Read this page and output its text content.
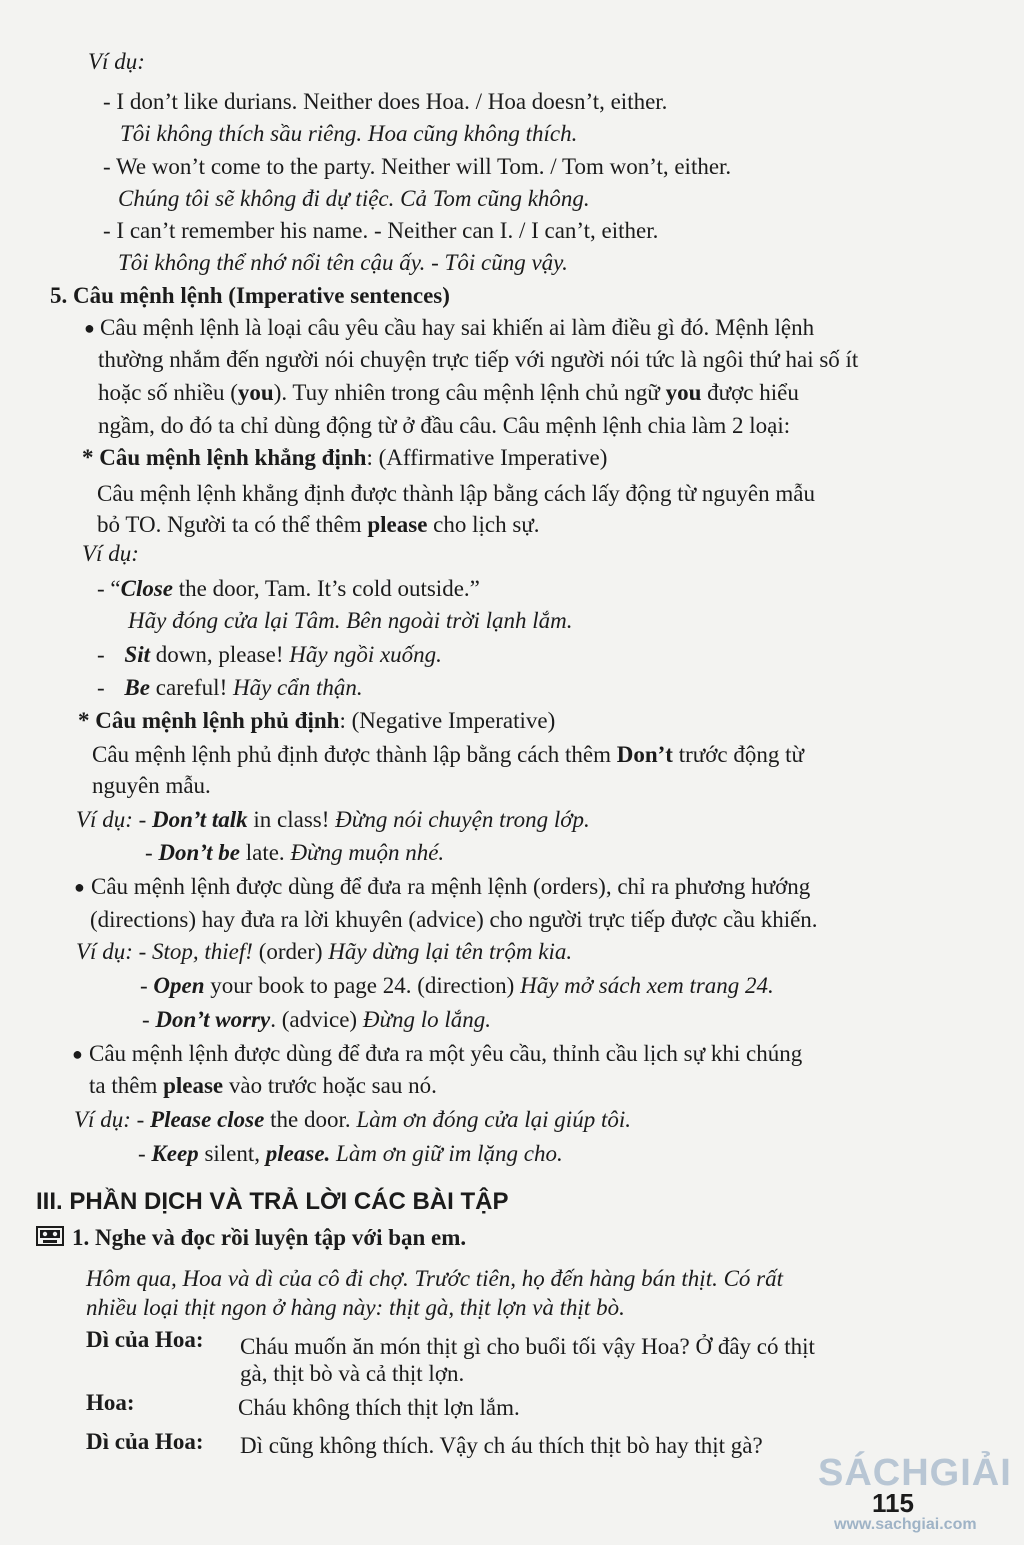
Ví dụ:
- I don’t like durians. Neither does Hoa. / Hoa doesn’t, either.
Tôi không thích sầu riêng. Hoa cũng không thích.
- We won’t come to the party. Neither will Tom. / Tom won’t, either.
Chúng tôi sẽ không đi dự tiệc. Cả Tom cũng không.
- I can’t remember his name. - Neither can I. / I can’t, either.
Tôi không thể nhớ nổi tên cậu ấy. - Tôi cũng vậy.
5. Câu mệnh lệnh (Imperative sentences)
● Câu mệnh lệnh là loại câu yêu cầu hay sai khiến ai làm điều gì đó. Mệnh lệnh
thường nhắm đến người nói chuyện trực tiếp với người nói tức là ngôi thứ hai số ít
hoặc số nhiều (you). Tuy nhiên trong câu mệnh lệnh chủ ngữ you được hiểu
ngầm, do đó ta chỉ dùng động từ ở đầu câu. Câu mệnh lệnh chia làm 2 loại:
* Câu mệnh lệnh khẳng định: (Affirmative Imperative)
Câu mệnh lệnh khẳng định được thành lập bằng cách lấy động từ nguyên mẫu
bỏ TO. Người ta có thể thêm please cho lịch sự.
Ví dụ:
- “Close the door, Tam. It’s cold outside.”
Hãy đóng cửa lại Tâm. Bên ngoài trời lạnh lắm.
- Sit down, please! Hãy ngồi xuống.
- Be careful! Hãy cẩn thận.
* Câu mệnh lệnh phủ định: (Negative Imperative)
Câu mệnh lệnh phủ định được thành lập bằng cách thêm Don’t trước động từ
nguyên mẫu.
Ví dụ: - Don’t talk in class! Đừng nói chuyện trong lớp.
- Don’t be late. Đừng muộn nhé.
● Câu mệnh lệnh được dùng để đưa ra mệnh lệnh (orders), chỉ ra phương hướng
(directions) hay đưa ra lời khuyên (advice) cho người trực tiếp được cầu khiến.
Ví dụ: - Stop, thief! (order) Hãy dừng lại tên trộm kia.
- Open your book to page 24. (direction) Hãy mở sách xem trang 24.
- Don’t worry. (advice) Đừng lo lắng.
● Câu mệnh lệnh được dùng để đưa ra một yêu cầu, thỉnh cầu lịch sự khi chúng
ta thêm please vào trước hoặc sau nó.
Ví dụ: - Please close the door. Làm ơn đóng cửa lại giúp tôi.
- Keep silent, please. Làm ơn giữ im lặng cho.
III. PHẦN DỊCH VÀ TRẢ LỜI CÁC BÀI TẬP
1. Nghe và đọc rồi luyện tập với bạn em.
Hôm qua, Hoa và dì của cô đi chợ. Trước tiên, họ đến hàng bán thịt. Có rất
nhiều loại thịt ngon ở hàng này: thịt gà, thịt lợn và thịt bò.
Dì của Hoa: Cháu muốn ăn món thịt gì cho buổi tối vậy Hoa? Ở đây có thịt
gà, thịt bò và cả thịt lợn.
Hoa:	Cháu không thích thịt lợn lắm.
Dì của Hoa: Dì cũng không thích. Vậy ch áu thích thịt bò hay thịt gà?
SÁCHGIẢI
www.sachgiai.com
115
